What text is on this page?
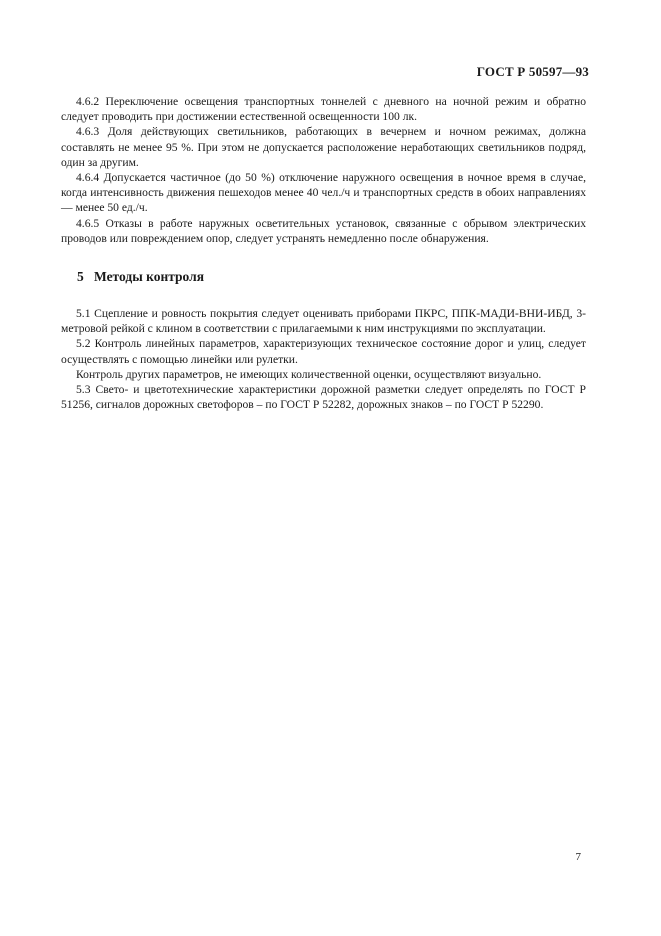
ГОСТ Р 50597—93

4.6.2 Переключение освещения транспортных тоннелей с дневного на ночной режим и обратно следует проводить при достижении естественной освещенности 100 лк.

4.6.3 Доля действующих светильников, работающих в вечернем и ночном режимах, должна составлять не менее 95 %. При этом не допускается расположение неработающих светильников подряд, один за другим.

4.6.4 Допускается частичное (до 50 %) отключение наружного освещения в ночное время в случае, когда интенсивность движения пешеходов менее 40 чел./ч и транспортных средств в обоих направлениях — менее 50 ед./ч.

4.6.5 Отказы в работе наружных осветительных установок, связанные с обрывом электрических проводов или повреждением опор, следует устранять немедленно после обнаружения.

5 Методы контроля

5.1 Сцепление и ровность покрытия следует оценивать приборами ПКРС, ППК-МАДИ-ВНИ-ИБД, 3-метровой рейкой с клином в соответствии с прилагаемыми к ним инструкциями по эксплуатации.

5.2 Контроль линейных параметров, характеризующих техническое состояние дорог и улиц, следует осуществлять с помощью линейки или рулетки.

Контроль других параметров, не имеющих количественной оценки, осуществляют визуально.

5.3 Свето- и цветотехнические характеристики дорожной разметки следует определять по ГОСТ Р 51256, сигналов дорожных светофоров – по ГОСТ Р 52282, дорожных знаков – по ГОСТ Р 52290.

7
